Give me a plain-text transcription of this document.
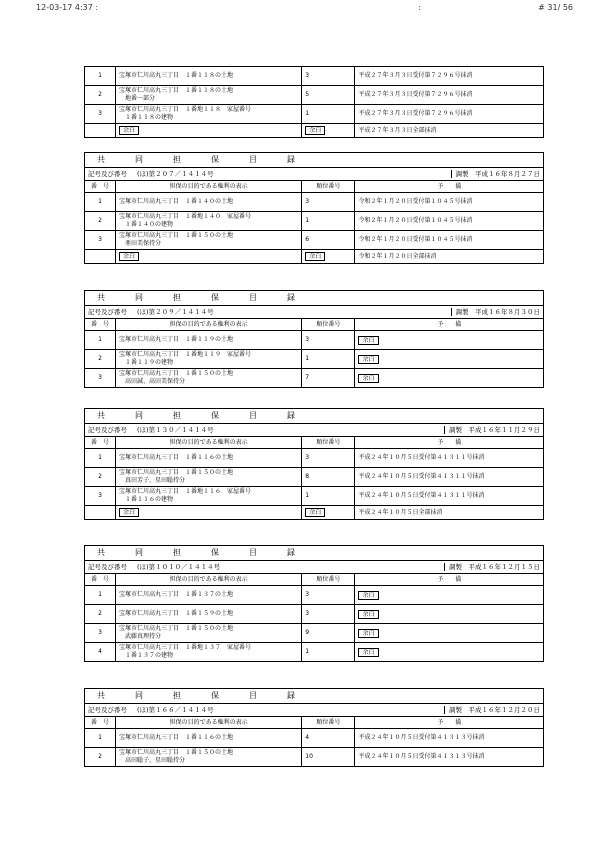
12-03-17 4:37 :	:	# 31/ 56
1	宝塚市仁川高丸三丁目　１番１１８の土地	3	平成２７年３月３日受付第７２９６号抹消
2	宝塚市仁川高丸三丁目　１番１１８の土地
　地番一部分	5	平成２７年３月３日受付第７２９６号抹消
3	宝塚市仁川高丸三丁目　１番地１１８　家屋番号
　１番１１８の建物	1	平成２７年３月３日受付第７２９６号抹消
	余白	余白	平成２７年３月３日全部抹消
共　同　担　保　目　録			
記号及び番号 (ほ)第２０７／１４１４号 調製　 平成１６年８月２７日			

番　号	担保の目的である権利の表示	順位番号	予　　備
1	宝塚市仁川高丸三丁目　１番１４０の土地	3	令和２年１月２０日受付第１０４５号抹消
2	宝塚市仁川高丸三丁目　１番地１４０　家屋番号
　１番１４０の建物	1	令和２年１月２０日受付第１０４５号抹消
3	宝塚市仁川高丸三丁目　１番１５０の土地
　亜田美保持分	6	令和２年１月２０日受付第１０４５号抹消
	余白	余白	令和２年１月２０日全部抹消
共　同　担　保　目　録			
記号及び番号 (ほ)第２０９／１４１４号 調製　 平成１６年８月３０日			

番　号	担保の目的である権利の表示	順位番号	予　　備
1	宝塚市仁川高丸三丁目　１番１１９の土地	3	余白
2	宝塚市仁川高丸三丁目　１番地１１９　家屋番号
　１番１１９の建物	1	余白
3	宝塚市仁川高丸三丁目　１番１５０の土地
　高田誠、高田美保持分	7	余白
共　同　担　保　目　録			
記号及び番号 (ほ)第１３０／１４１４号 調製　 平成１６年１１月２９日			

番　号	担保の目的である権利の表示	順位番号	予　　備
1	宝塚市仁川高丸三丁目　１番１１６の土地	3	平成２４年１０月５日受付第４１３１１号抹消
2	宝塚市仁川高丸三丁目　１番１５０の土地
　真田芳子、星田聡持分	8	平成２４年１０月５日受付第４１３１１号抹消
3	宝塚市仁川高丸三丁目　１番地１１６　家屋番号
　１番１１６の建物	1	平成２４年１０月５日受付第４１３１１号抹消
	余白	余白	平成２４年１０月５日全部抹消
共　同　担　保　目　録			
記号及び番号 (ほ)第１０１０／１４１４号 調製　 平成１６年１２月１５日			

番　号	担保の目的である権利の表示	順位番号	予　　備
1	宝塚市仁川高丸三丁目　１番１３７の土地	3	余白
2	宝塚市仁川高丸三丁目　１番１５９の土地	3	余白
3	宝塚市仁川高丸三丁目　１番１５０の土地
　武藤真理持分	9	余白
4	宝塚市仁川高丸三丁目　１番地１３７　家屋番号
　１番１３７の建物	1	余白
共　同　担　保　目　録			
記号及び番号 (ほ)第１６６／１４１４号 調製　 平成１６年１２月２０日			

番　号	担保の目的である権利の表示	順位番号	予　　備
1	宝塚市仁川高丸三丁目　１番１１６の土地	4	平成２４年１０月５日受付第４１３１３号抹消
2	宝塚市仁川高丸三丁目　１番１５０の土地
　高田聡子、星田聡持分	10	平成２４年１０月５日受付第４１３１３号抹消
